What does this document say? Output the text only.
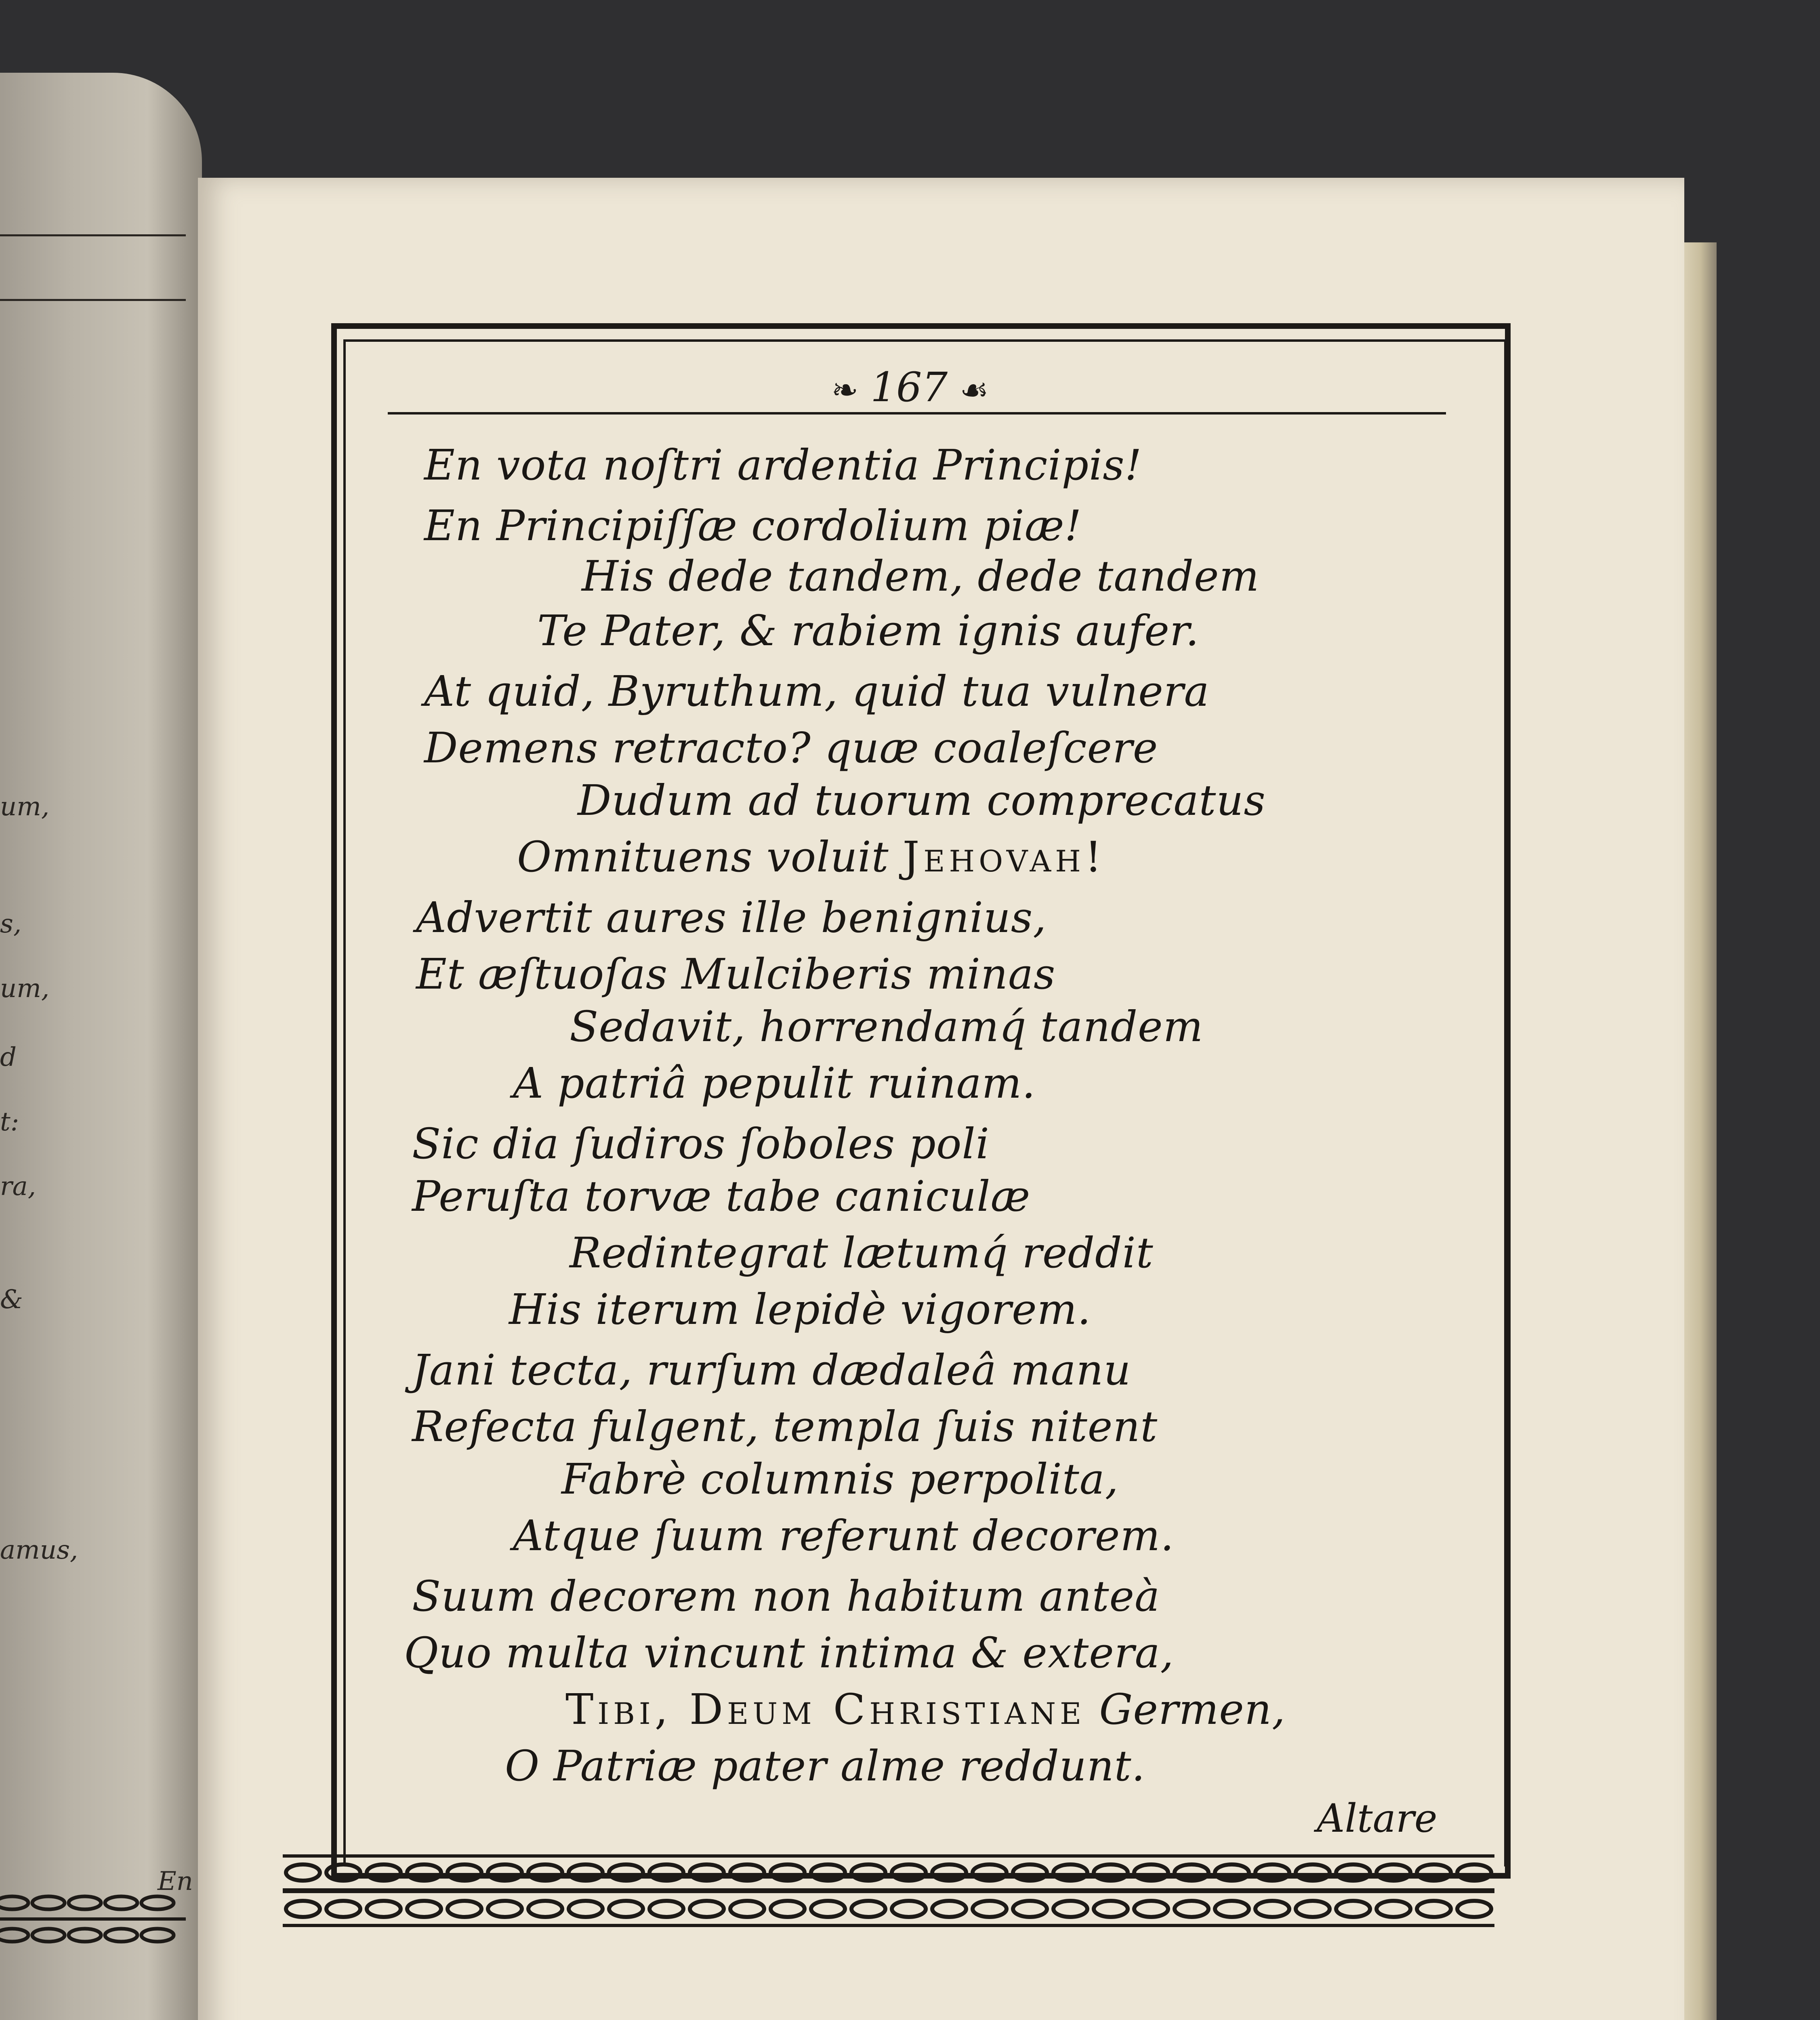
um,
s,
um,
d
t:
ra,
&
amus,
En
❧ 167 ☙
En vota noſtri ardentia Principis!
En Principiſſæ cordolium piæ!
His dede tandem, dede tandem
Te Pater, & rabiem ignis aufer.
At quid, Byruthum, quid tua vulnera
Demens retracto? quæ coaleſcere
Dudum ad tuorum comprecatus
Omnituens voluit Jehovah!
Advertit aures ille benignius,
Et æſtuoſas Mulciberis minas
Sedavit, horrendamq́ tandem
A patriâ pepulit ruinam.
Sic dia ſudiros ſoboles poli
Peruſta torvæ tabe caniculæ
Redintegrat lætumq́ reddit
His iterum lepidè vigorem.
Jani tecta, rurſum dædaleâ manu
Refecta fulgent, templa ſuis nitent
Fabrè columnis perpolita,
Atque ſuum referunt decorem.
Suum decorem non habitum anteà
Quo multa vincunt intima & extera,
Tibi, Deum Christiane Germen,
O Patriæ pater alme reddunt.
Altare
